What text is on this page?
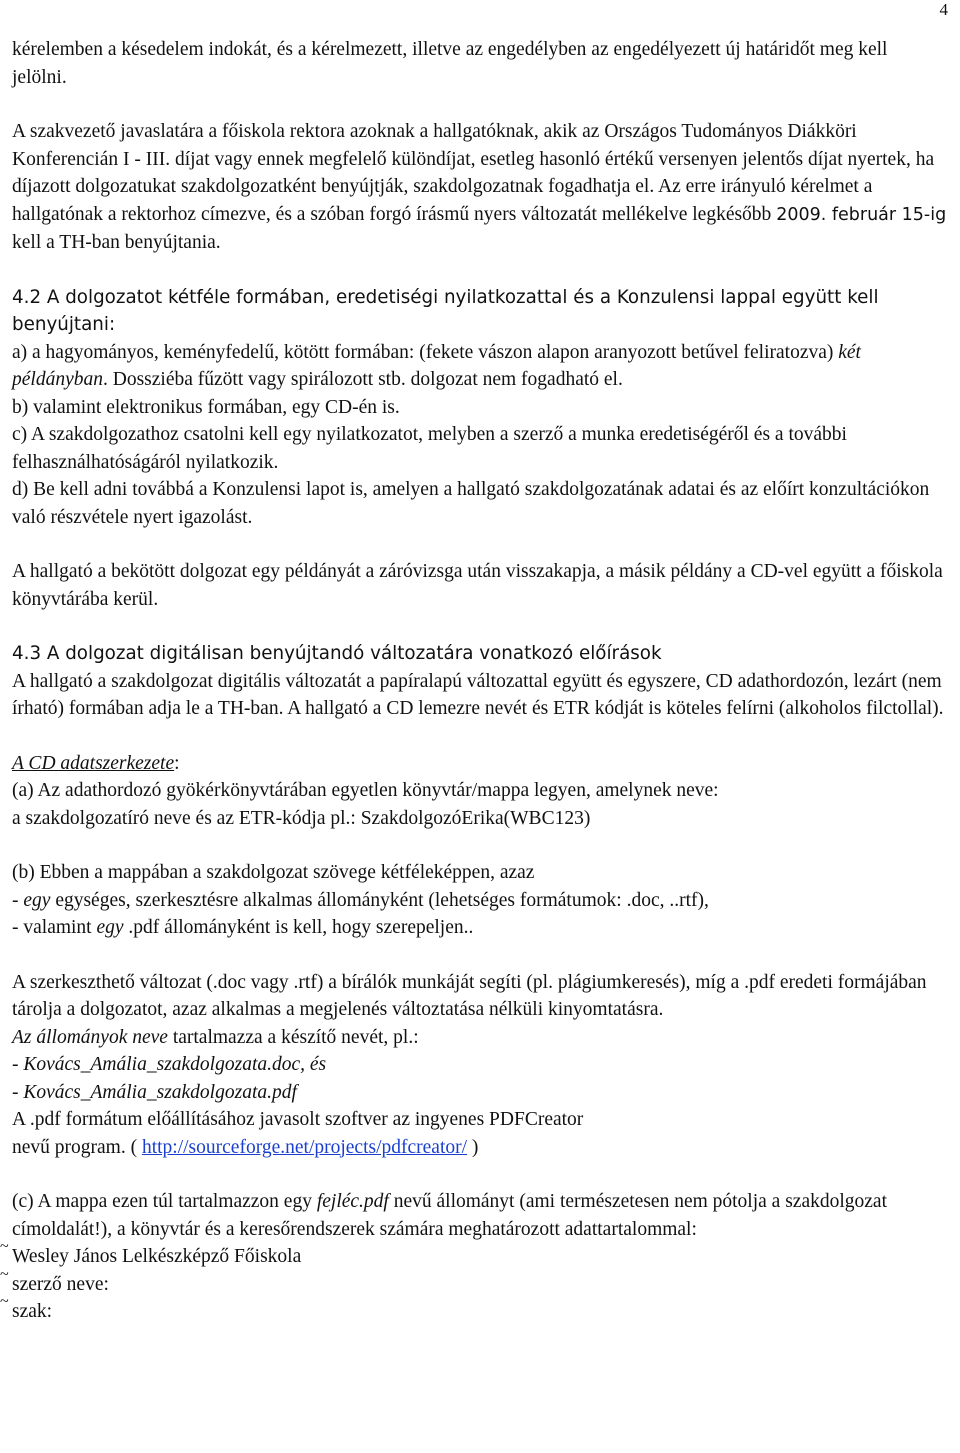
4

kérelemben a késedelem indokát, és a kérelmezett, illetve az engedélyben az engedélyezett új határidőt meg kell jelölni.

A szakvezető javaslatára a főiskola rektora azoknak a hallgatóknak, akik az Országos Tudományos Diákköri Konferencián I - III. díjat vagy ennek megfelelő különdíjat, esetleg hasonló értékű versenyen jelentős díjat nyertek, ha díjazott dolgozatukat szakdolgozatként benyújtják, szakdolgozatnak fogadhatja el. Az erre irányuló kérelmet a hallgatónak a rektorhoz címezve, és a szóban forgó írásmű nyers változatát mellékelve legkésőbb 2009. február 15-ig kell a TH-ban benyújtania.

4.2 A dolgozatot kétféle formában, eredetiségi nyilatkozattal és a Konzulensi lappal együtt kell benyújtani:

a) a hagyományos, keményfedelű, kötött formában: (fekete vászon alapon aranyozott betűvel feliratozva) két példányban. Dossziéba fűzött vagy spirálozott stb. dolgozat nem fogadható el.

b) valamint elektronikus formában, egy CD-én is.

c) A szakdolgozathoz csatolni kell egy nyilatkozatot, melyben a szerző a munka eredetiségéről és a további felhasználhatóságáról nyilatkozik.

d) Be kell adni továbbá a Konzulensi lapot is, amelyen a hallgató szakdolgozatának adatai és az előírt konzultációkon való részvétele nyert igazolást.

A hallgató a bekötött dolgozat egy példányát a záróvizsga után visszakapja, a másik példány a CD-vel együtt a főiskola könyvtárába kerül.

4.3 A dolgozat digitálisan benyújtandó változatára vonatkozó előírások

A hallgató a szakdolgozat digitális változatát a papíralapú változattal együtt és egyszere, CD adathordozón, lezárt (nem írható) formában adja le a TH-ban. A hallgató a CD lemezre nevét és ETR kódját is köteles felírni (alkoholos filctollal).

A CD adatszerkezete:

(a) Az adathordozó gyökérkönyvtárában egyetlen könyvtár/mappa legyen, amelynek neve:

a szakdolgozatíró neve és az ETR-kódja pl.: SzakdolgozóErika(WBC123)

(b) Ebben a mappában a szakdolgozat szövege kétféleképpen, azaz

- egy egységes, szerkesztésre alkalmas állományként (lehetséges formátumok: .doc, ..rtf),

- valamint egy .pdf állományként is kell, hogy szerepeljen..

A szerkeszthető változat (.doc vagy .rtf) a bírálók munkáját segíti (pl. plágiumkeresés), míg a .pdf eredeti formájában tárolja a dolgozatot, azaz alkalmas a megjelenés változtatása nélküli kinyomtatásra.

Az állományok neve tartalmazza a készítő nevét, pl.:

- Kovács_Amália_szakdolgozata.doc, és

- Kovács_Amália_szakdolgozata.pdf

A .pdf formátum előállításához javasolt szoftver az ingyenes PDFCreator

nevű program. ( http://sourceforge.net/projects/pdfcreator/ )

(c) A mappa ezen túl tartalmazzon egy fejléc.pdf nevű állományt (ami természetesen nem pótolja a szakdolgozat címoldalát!), a könyvtár és a keresőrendszerek számára meghatározott adattartalommal:

~ Wesley János Lelkészképző Főiskola

~ szerző neve:

~ szak:
